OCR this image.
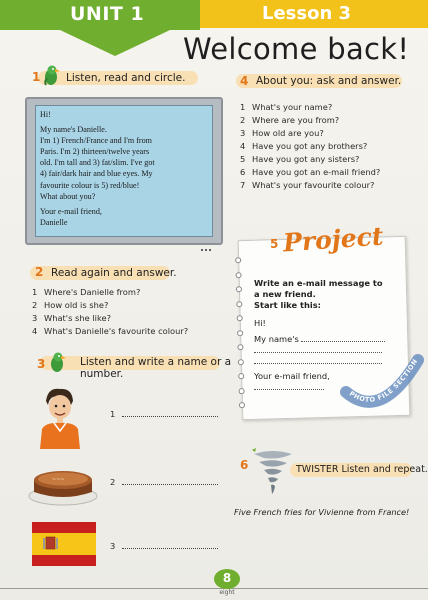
UNIT 1	Lesson 3
Welcome back!
1 Listen, read and circle.

Hi!

My name's Danielle.

I'm 1) French/France and I'm from

Paris. I'm 2) thirteen/twelve years

old. I'm tall and 3) fat/slim. I've got

4) fair/dark hair and blue eyes. My

favourite colour is 5) red/blue!

What about you?

Your e-mail friend,

Danielle

2 Read again and answer.
1 Where's Danielle from?
2 How old is she?
3 What's she like?
4 What's Danielle's favourite colour?
3	Listen and write a name or a
number.
1
~~~	2
3
4 About you: ask and answer.
1 What's your name?
2 Where are you from?
3 How old are you?
4 Have you got any brothers?
5 Have you got any sisters?
6 Have you got an e-mail friend?
7 What's your favourite colour?
5 Project
Write an e-mail message to
a new friend.
Start like this:
Hi!
My name's
Your e-mail friend,
PHOTO FILE SECTION
6	TWISTER Listen and repeat.
Five French fries for Vivienne from France!
8
eight
